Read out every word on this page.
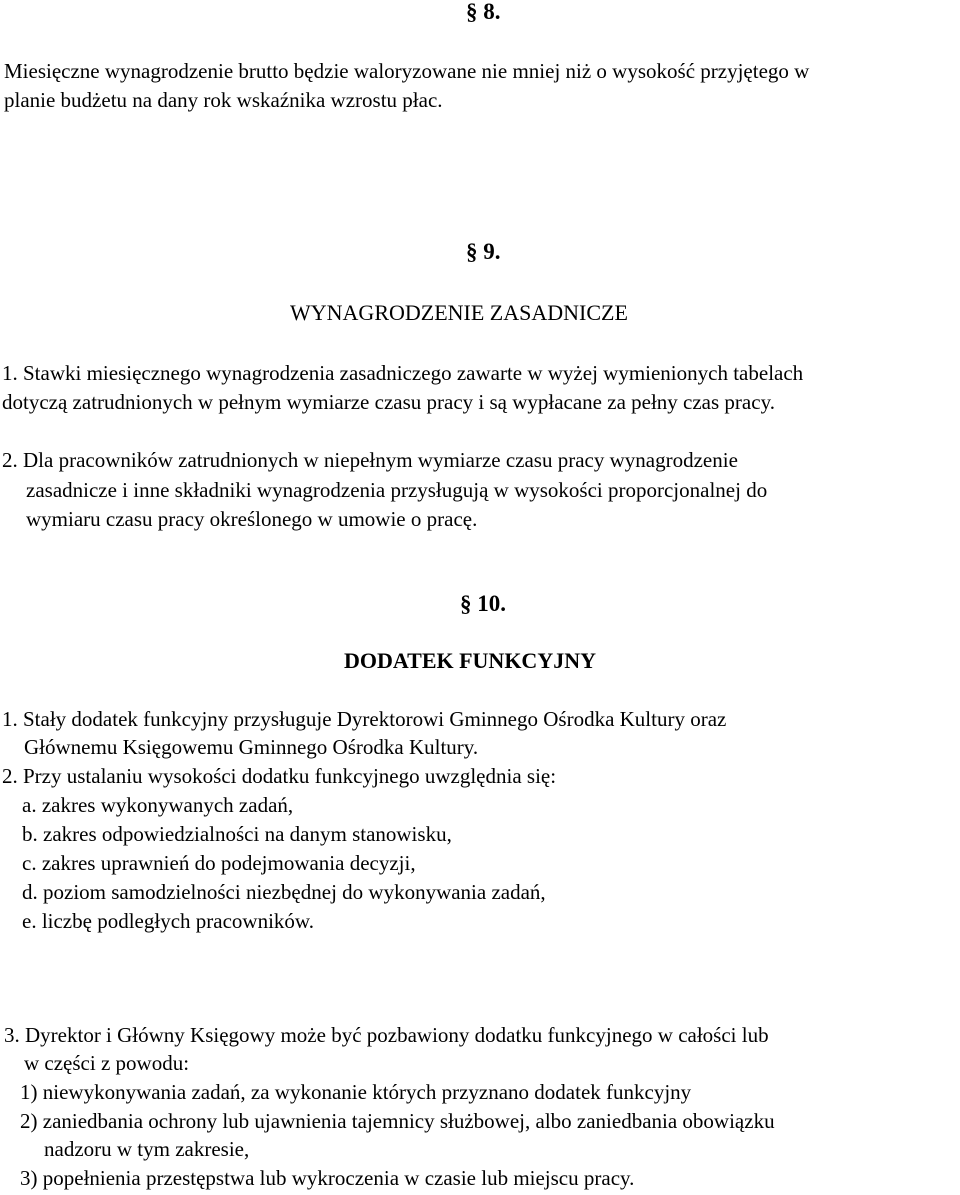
§ 8.
Miesięczne wynagrodzenie brutto będzie waloryzowane nie mniej niż o wysokość przyjętego w
planie budżetu na dany rok wskaźnika wzrostu płac.
§ 9.
WYNAGRODZENIE ZASADNICZE
1. Stawki miesięcznego wynagrodzenia zasadniczego zawarte w wyżej wymienionych tabelach
dotyczą zatrudnionych w pełnym wymiarze czasu pracy i są wypłacane za pełny czas pracy.
2. Dla pracowników zatrudnionych w niepełnym wymiarze czasu pracy wynagrodzenie
zasadnicze i inne składniki wynagrodzenia przysługują w wysokości proporcjonalnej do
wymiaru czasu pracy określonego w umowie o pracę.
§ 10.
DODATEK FUNKCYJNY
1. Stały dodatek funkcyjny przysługuje Dyrektorowi Gminnego Ośrodka Kultury oraz
Głównemu Księgowemu Gminnego Ośrodka Kultury.
2. Przy ustalaniu wysokości dodatku funkcyjnego uwzględnia się:
a. zakres wykonywanych zadań,
b. zakres odpowiedzialności na danym stanowisku,
c. zakres uprawnień do podejmowania decyzji,
d. poziom samodzielności niezbędnej do wykonywania zadań,
e. liczbę podległych pracowników.
3. Dyrektor i Główny Księgowy może być pozbawiony dodatku funkcyjnego w całości lub
w części z powodu:
1) niewykonywania zadań, za wykonanie których przyznano dodatek funkcyjny
2) zaniedbania ochrony lub ujawnienia tajemnicy służbowej, albo zaniedbania obowiązku
nadzoru w tym zakresie,
3) popełnienia przestępstwa lub wykroczenia w czasie lub miejscu pracy.
